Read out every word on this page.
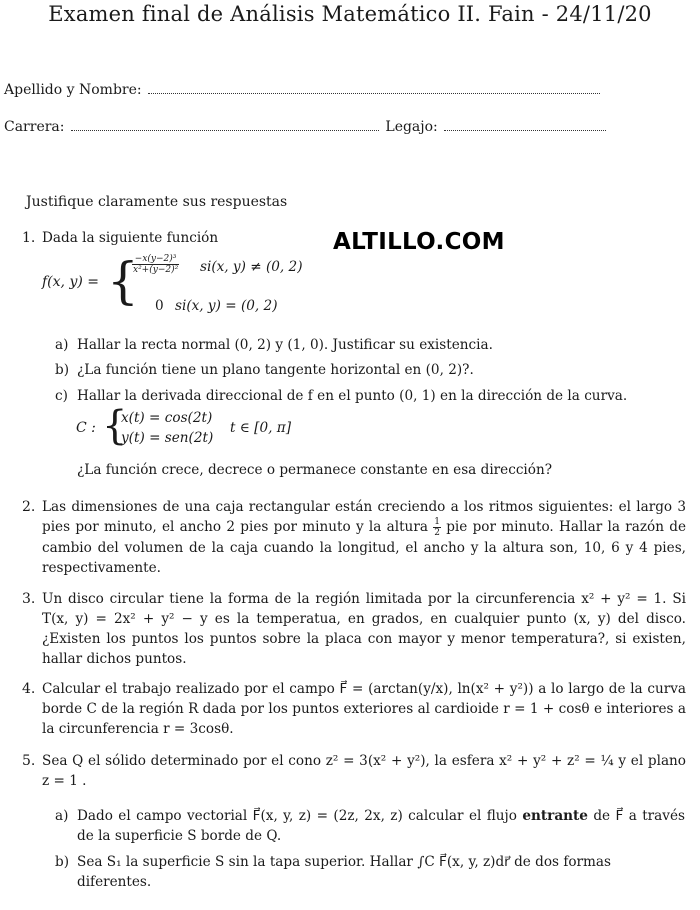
Examen final de Análisis Matemático II. Fain - 24/11/20
Apellido y Nombre:
Carrera:	Legajo:
Justifique claramente sus respuestas
ALTILLO.COM
1. Dada la siguiente función
f(x, y) = {
$\frac{\text{−x(y−2)³}}{\text{x²+(y−2)²}} si(x$, y) ≠ (0, 2)
0 si(x, y) = (0, 2)
a) Hallar la recta normal (0, 2) y (1, 0). Justificar su existencia.
b) ¿La función tiene un plano tangente horizontal en (0, 2)?.
c) Hallar la derivada direccional de f en el punto (0, 1) en la dirección de la curva.
C : {
x(t) = cos(2t)
y(t) = sen(2t)
t ∈ [0, π]
¿La función crece, decrece o permanece constante en esa dirección?
2. Las dimensiones de una caja rectangular están creciendo a los ritmos siguientes: el largo 3 pies por minuto, el ancho 2 pies por minuto y la altura $\frac{1}{2}$ pie por minuto. Hallar la razón de cambio del volumen de la caja cuando la longitud, el ancho y la altura son, 10, 6 y 4 pies, respectivamente.
3. Un disco circular tiene la forma de la región limitada por la circunferencia x² + y² = 1. Si T(x, y) = 2x² + y² − y es la temperatua, en grados, en cualquier punto (x, y) del disco. ¿Existen los puntos los puntos sobre la placa con mayor y menor temperatura?, si existen, hallar dichos puntos.
4. Calcular el trabajo realizado por el campo F⃗ = (arctan(y/x), ln(x² + y²)) a lo largo de la curva borde C de la región R dada por los puntos exteriores al cardioide r = 1 + cosθ e interiores a la circunferencia r = 3cosθ.
5. Sea Q el sólido determinado por el cono z² = 3(x² + y²), la esfera x² + y² + z² = ¼ y el plano z = 1 .
a) Dado el campo vectorial F⃗(x, y, z) = (2z, 2x, z) calcular el flujo entrante de F⃗ a través de la superficie S borde de Q.
b) Sea S₁ la superficie S sin la tapa superior. Hallar ∫C F⃗(x, y, z)dr⃗ de dos formas diferentes.
